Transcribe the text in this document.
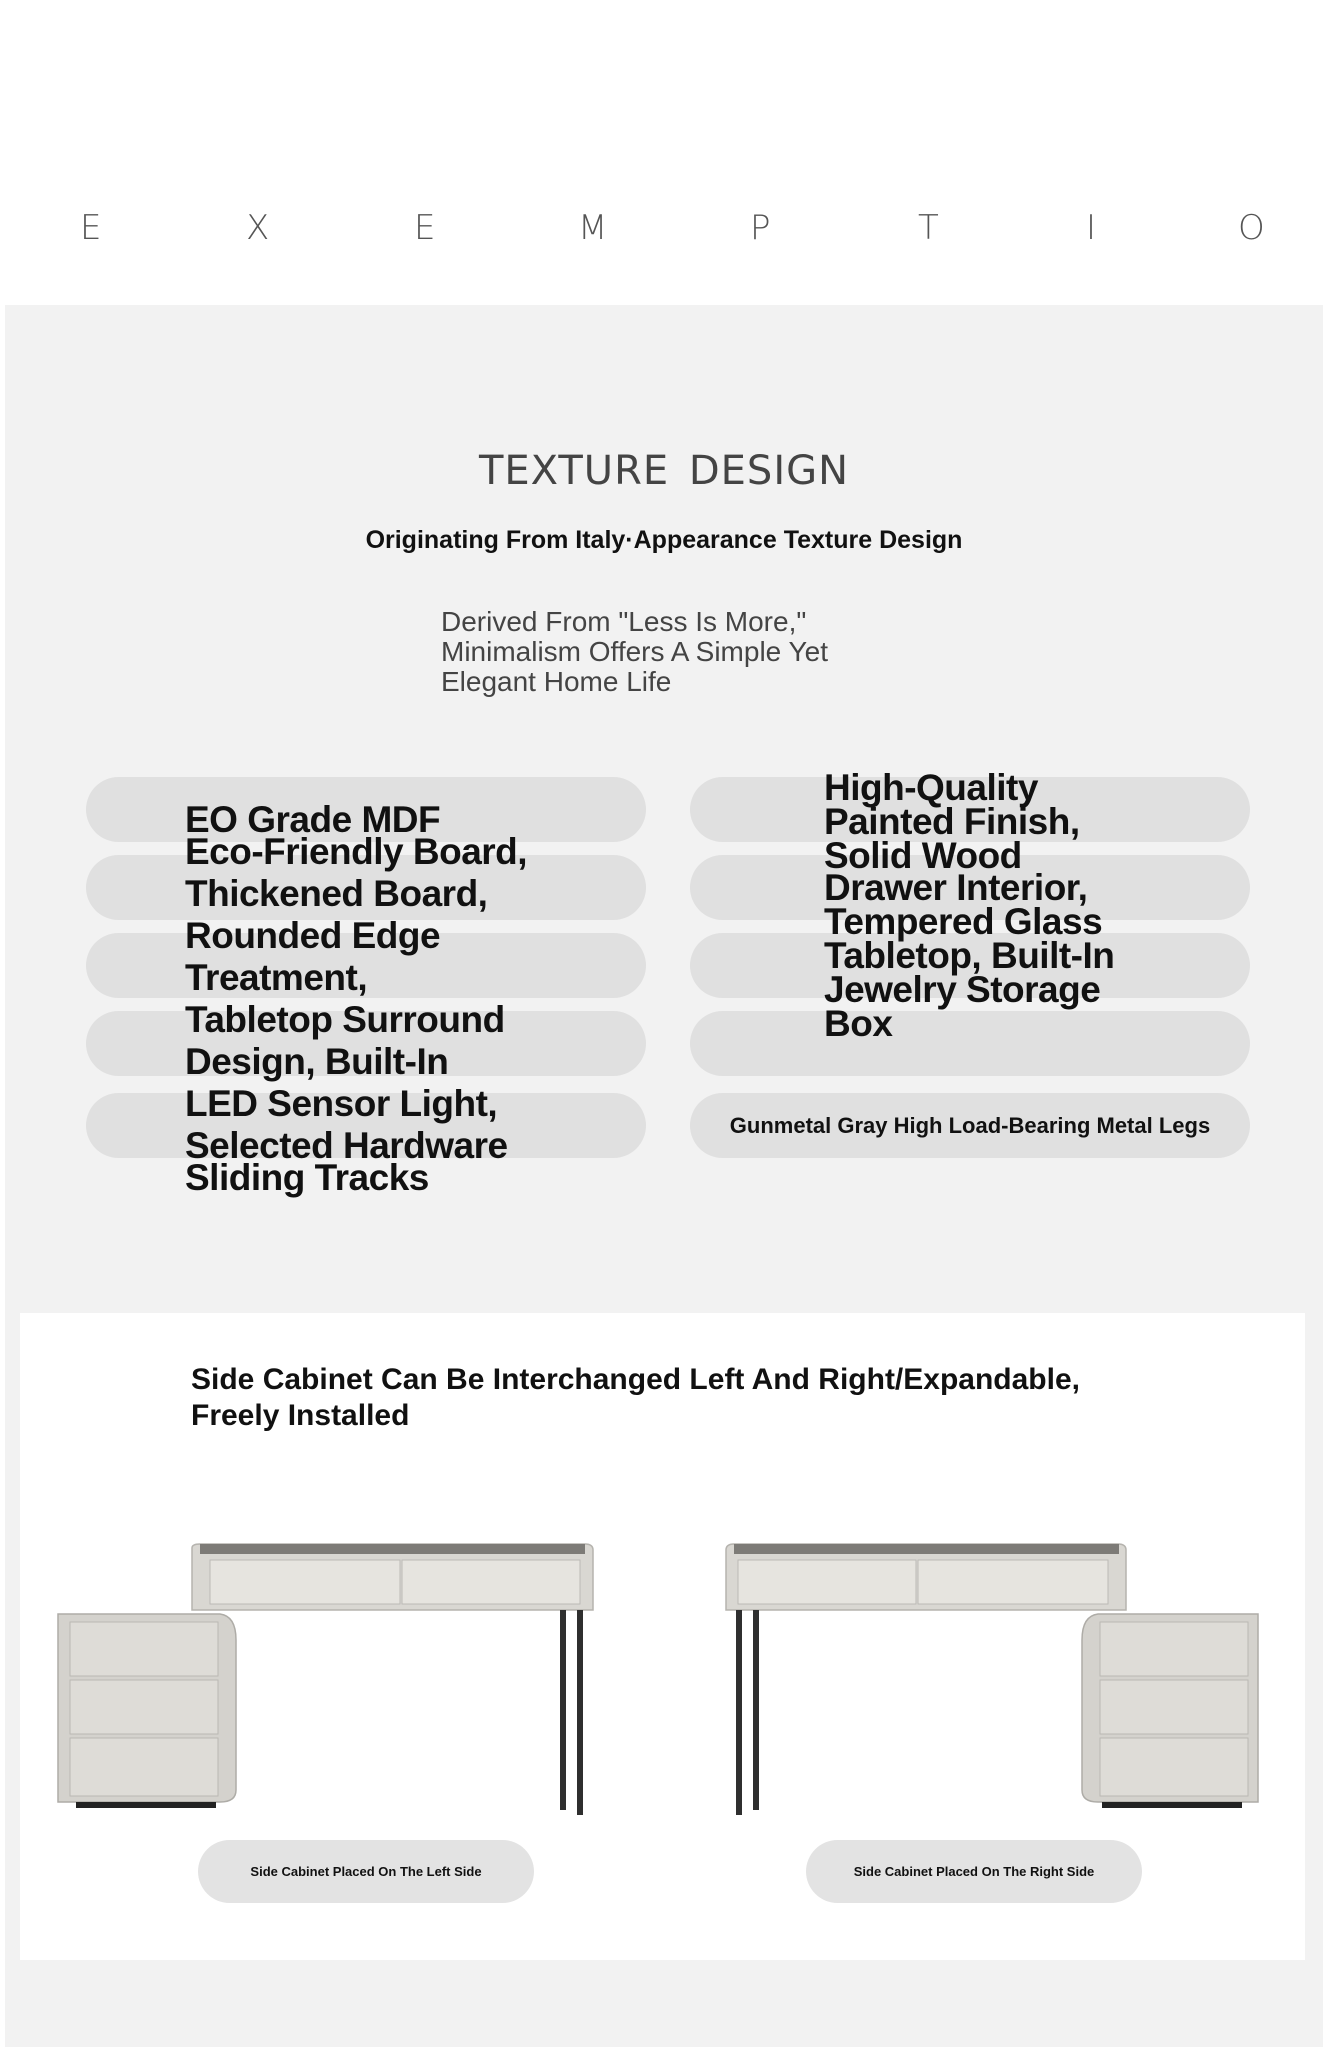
E	X	E	M	P	T	I	O
TEXTURE DESIGN
Originating From Italy·Appearance Texture Design
Derived From "Less Is More,"
Minimalism Offers A Simple Yet
Elegant Home Life
EO Grade MDF
Eco-Friendly Board,
Thickened Board,
Rounded Edge
Treatment,
Tabletop Surround
Design, Built-In
LED Sensor Light,
Selected Hardware
Sliding Tracks
High-Quality
Painted Finish,
Solid Wood
Drawer Interior,
Tempered Glass
Tabletop, Built-In
Jewelry Storage
Box
Gunmetal Gray High Load-Bearing Metal Legs
Side Cabinet Can Be Interchanged Left And Right/Expandable,
Freely Installed
Side Cabinet Placed On The Left Side	Side Cabinet Placed On The Right Side
